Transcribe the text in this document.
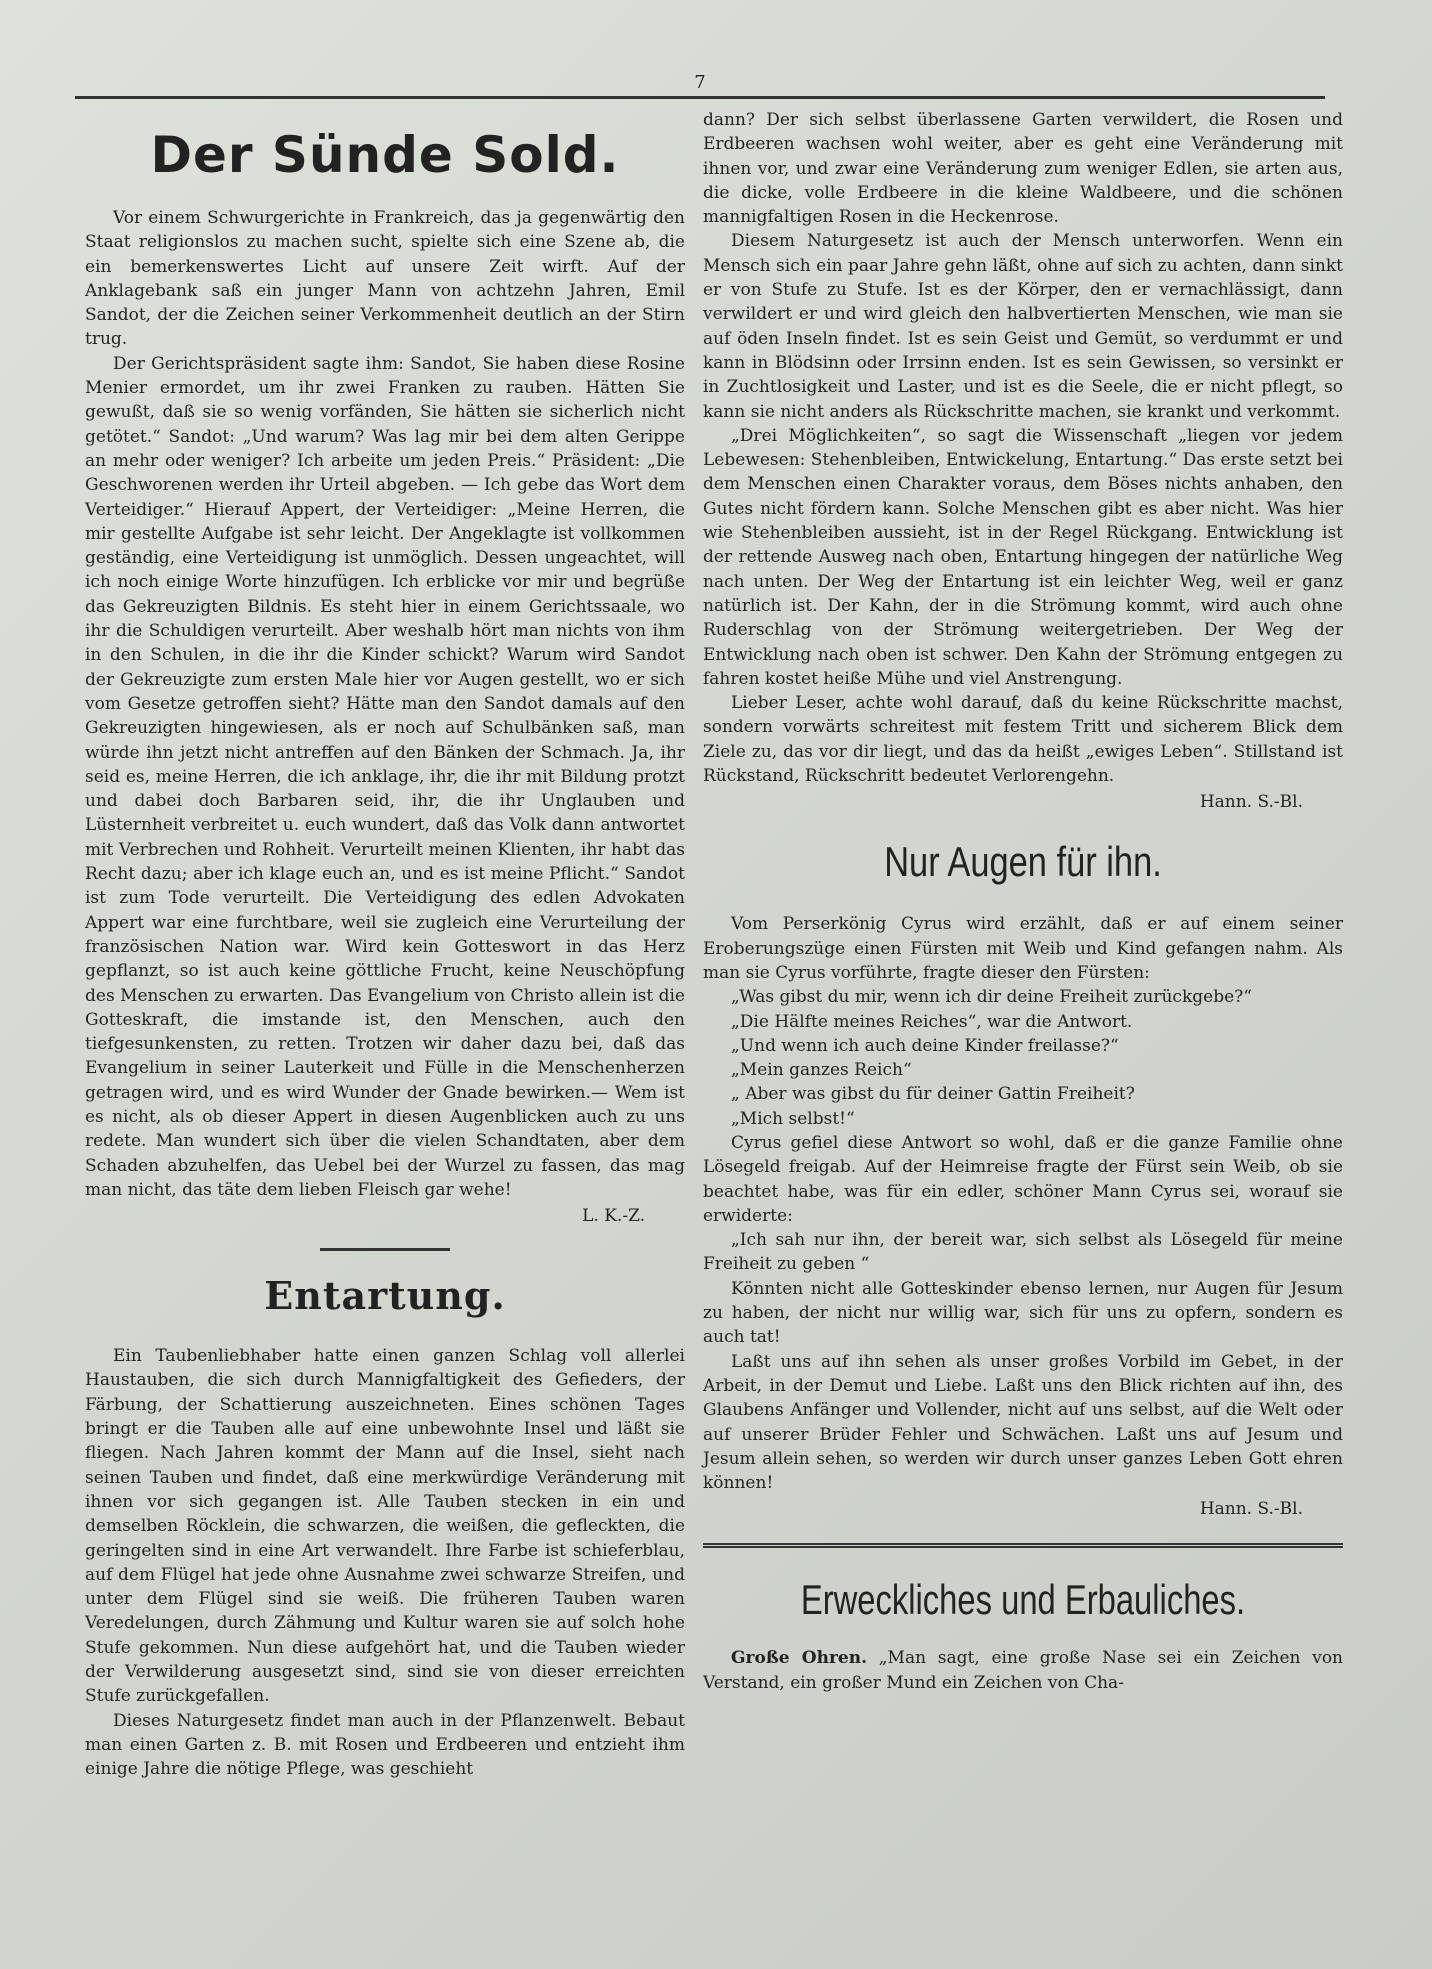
7
Der Sünde Sold.

Vor einem Schwurgerichte in Frankreich, das ja gegenwärtig den Staat religionslos zu machen sucht, spielte sich eine Szene ab, die ein bemerkenswertes Licht auf unsere Zeit wirft. Auf der Anklagebank saß ein junger Mann von achtzehn Jahren, Emil Sandot, der die Zeichen seiner Verkommenheit deutlich an der Stirn trug.

Der Gerichtspräsident sagte ihm: Sandot, Sie haben diese Rosine Menier ermordet, um ihr zwei Franken zu rauben. Hätten Sie gewußt, daß sie so wenig vorfänden, Sie hätten sie sicherlich nicht getötet.“ Sandot: „Und warum? Was lag mir bei dem alten Gerippe an mehr oder weniger? Ich arbeite um jeden Preis.“ Präsident: „Die Geschworenen werden ihr Urteil abgeben. — Ich gebe das Wort dem Verteidiger.“ Hierauf Appert, der Verteidiger: „Meine Herren, die mir gestellte Aufgabe ist sehr leicht. Der Angeklagte ist vollkommen geständig, eine Verteidigung ist unmöglich. Dessen ungeachtet, will ich noch einige Worte hinzufügen. Ich erblicke vor mir und begrüße das Gekreuzigten Bildnis. Es steht hier in einem Gerichtssaale, wo ihr die Schuldigen verurteilt. Aber weshalb hört man nichts von ihm in den Schulen, in die ihr die Kinder schickt? Warum wird Sandot der Gekreuzigte zum ersten Male hier vor Augen gestellt, wo er sich vom Gesetze getroffen sieht? Hätte man den Sandot damals auf den Gekreuzigten hingewiesen, als er noch auf Schulbänken saß, man würde ihn jetzt nicht antreffen auf den Bänken der Schmach. Ja, ihr seid es, meine Herren, die ich anklage, ihr, die ihr mit Bildung protzt und dabei doch Barbaren seid, ihr, die ihr Unglauben und Lüsternheit verbreitet u. euch wundert, daß das Volk dann antwortet mit Verbrechen und Rohheit. Verurteilt meinen Klienten, ihr habt das Recht dazu; aber ich klage euch an, und es ist meine Pflicht.“ Sandot ist zum Tode verurteilt. Die Verteidigung des edlen Advokaten Appert war eine furchtbare, weil sie zugleich eine Verurteilung der französischen Nation war. Wird kein Gotteswort in das Herz gepflanzt, so ist auch keine göttliche Frucht, keine Neuschöpfung des Menschen zu erwarten. Das Evangelium von Christo allein ist die Gotteskraft, die imstande ist, den Menschen, auch den tiefgesunkensten, zu retten. Trotzen wir daher dazu bei, daß das Evangelium in seiner Lauterkeit und Fülle in die Menschenherzen getragen wird, und es wird Wunder der Gnade bewirken.— Wem ist es nicht, als ob dieser Appert in diesen Augenblicken auch zu uns redete. Man wundert sich über die vielen Schandtaten, aber dem Schaden abzuhelfen, das Uebel bei der Wurzel zu fassen, das mag man nicht, das täte dem lieben Fleisch gar wehe!

L. K.-Z.
Entartung.

Ein Taubenliebhaber hatte einen ganzen Schlag voll allerlei Haustauben, die sich durch Mannigfaltigkeit des Gefieders, der Färbung, der Schattierung auszeichneten. Eines schönen Tages bringt er die Tauben alle auf eine unbewohnte Insel und läßt sie fliegen. Nach Jahren kommt der Mann auf die Insel, sieht nach seinen Tauben und findet, daß eine merkwürdige Veränderung mit ihnen vor sich gegangen ist. Alle Tauben stecken in ein und demselben Röcklein, die schwarzen, die weißen, die gefleckten, die geringelten sind in eine Art verwandelt. Ihre Farbe ist schieferblau, auf dem Flügel hat jede ohne Ausnahme zwei schwarze Streifen, und unter dem Flügel sind sie weiß. Die früheren Tauben waren Veredelungen, durch Zähmung und Kultur waren sie auf solch hohe Stufe gekommen. Nun diese aufgehört hat, und die Tauben wieder der Verwilderung ausgesetzt sind, sind sie von dieser erreichten Stufe zurückgefallen.

Dieses Naturgesetz findet man auch in der Pflanzenwelt. Bebaut man einen Garten z. B. mit Rosen und Erdbeeren und entzieht ihm einige Jahre die nötige Pflege, was geschieht

dann? Der sich selbst überlassene Garten verwildert, die Rosen und Erdbeeren wachsen wohl weiter, aber es geht eine Veränderung mit ihnen vor, und zwar eine Veränderung zum weniger Edlen, sie arten aus, die dicke, volle Erdbeere in die kleine Waldbeere, und die schönen mannigfaltigen Rosen in die Heckenrose.

Diesem Naturgesetz ist auch der Mensch unterworfen. Wenn ein Mensch sich ein paar Jahre gehn läßt, ohne auf sich zu achten, dann sinkt er von Stufe zu Stufe. Ist es der Körper, den er vernachlässigt, dann verwildert er und wird gleich den halbvertierten Menschen, wie man sie auf öden Inseln findet. Ist es sein Geist und Gemüt, so verdummt er und kann in Blödsinn oder Irrsinn enden. Ist es sein Gewissen, so versinkt er in Zuchtlosigkeit und Laster, und ist es die Seele, die er nicht pflegt, so kann sie nicht anders als Rückschritte machen, sie krankt und verkommt.

„Drei Möglichkeiten“, so sagt die Wissenschaft „liegen vor jedem Lebewesen: Stehenbleiben, Entwickelung, Entartung.“ Das erste setzt bei dem Menschen einen Charakter voraus, dem Böses nichts anhaben, den Gutes nicht fördern kann. Solche Menschen gibt es aber nicht. Was hier wie Stehenbleiben aussieht, ist in der Regel Rückgang. Entwicklung ist der rettende Ausweg nach oben, Entartung hingegen der natürliche Weg nach unten. Der Weg der Entartung ist ein leichter Weg, weil er ganz natürlich ist. Der Kahn, der in die Strömung kommt, wird auch ohne Ruderschlag von der Strömung weitergetrieben. Der Weg der Entwicklung nach oben ist schwer. Den Kahn der Strömung entgegen zu fahren kostet heiße Mühe und viel Anstrengung.

Lieber Leser, achte wohl darauf, daß du keine Rückschritte machst, sondern vorwärts schreitest mit festem Tritt und sicherem Blick dem Ziele zu, das vor dir liegt, und das da heißt „ewiges Leben“. Stillstand ist Rückstand, Rückschritt bedeutet Verlorengehn.

Hann. S.-Bl.
Nur Augen für ihn.

Vom Perserkönig Cyrus wird erzählt, daß er auf einem seiner Eroberungszüge einen Fürsten mit Weib und Kind gefangen nahm. Als man sie Cyrus vorführte, fragte dieser den Fürsten:

„Was gibst du mir, wenn ich dir deine Freiheit zurückgebe?“

„Die Hälfte meines Reiches“, war die Antwort.

„Und wenn ich auch deine Kinder freilasse?“

„Mein ganzes Reich“

„ Aber was gibst du für deiner Gattin Freiheit?

„Mich selbst!“

Cyrus gefiel diese Antwort so wohl, daß er die ganze Familie ohne Lösegeld freigab. Auf der Heimreise fragte der Fürst sein Weib, ob sie beachtet habe, was für ein edler, schöner Mann Cyrus sei, worauf sie erwiderte:

„Ich sah nur ihn, der bereit war, sich selbst als Lösegeld für meine Freiheit zu geben “

Könnten nicht alle Gotteskinder ebenso lernen, nur Augen für Jesum zu haben, der nicht nur willig war, sich für uns zu opfern, sondern es auch tat!

Laßt uns auf ihn sehen als unser großes Vorbild im Gebet, in der Arbeit, in der Demut und Liebe. Laßt uns den Blick richten auf ihn, des Glaubens Anfänger und Vollender, nicht auf uns selbst, auf die Welt oder auf unserer Brüder Fehler und Schwächen. Laßt uns auf Jesum und Jesum allein sehen, so werden wir durch unser ganzes Leben Gott ehren können!

Hann. S.-Bl.
Erweckliches und Erbauliches.

Große Ohren. „Man sagt, eine große Nase sei ein Zeichen von Verstand, ein großer Mund ein Zeichen von Cha-
